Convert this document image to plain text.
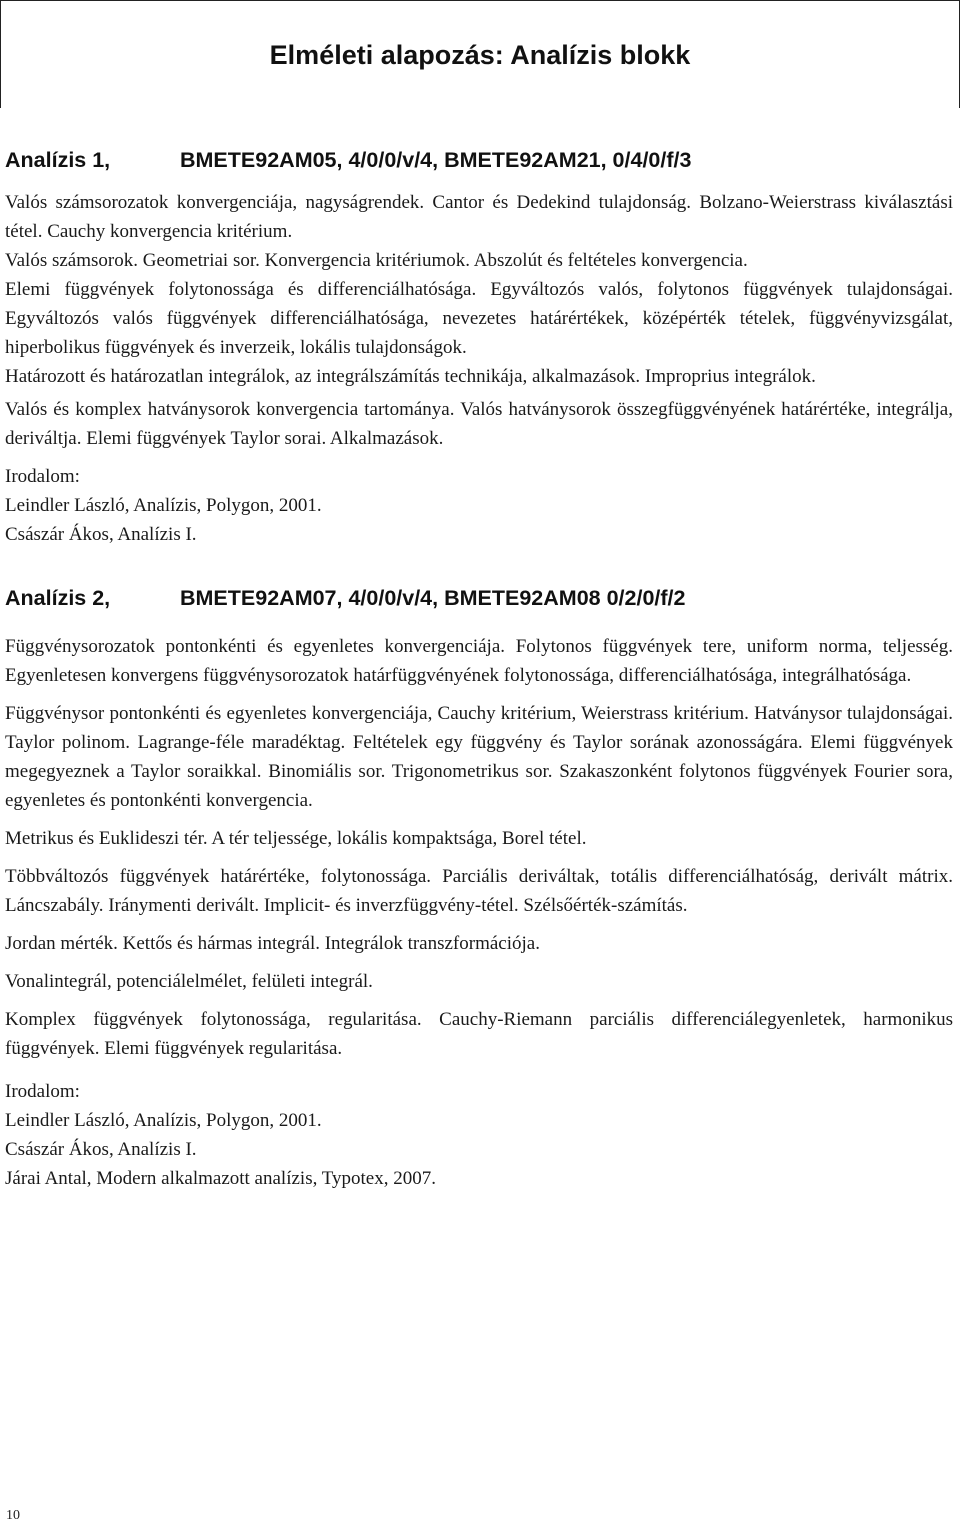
Elméleti alapozás: Analízis blokk
Analízis 1,	BMETE92AM05, 4/0/0/v/4, BMETE92AM21, 0/4/0/f/3

Valós számsorozatok konvergenciája, nagyságrendek. Cantor és Dedekind tulajdonság. Bolzano-Weierstrass kiválasztási tétel. Cauchy konvergencia kritérium.

Valós számsorok. Geometriai sor. Konvergencia kritériumok. Abszolút és feltételes konvergencia.

Elemi függvények folytonossága és differenciálhatósága. Egyváltozós valós, folytonos függvények tulajdonságai. Egyváltozós valós függvények differenciálhatósága, nevezetes határértékek, középérték tételek, függvényvizsgálat, hiperbolikus függvények és inverzeik, lokális tulajdonságok.

Határozott és határozatlan integrálok, az integrálszámítás technikája, alkalmazások. Improprius integrálok.

Valós és komplex hatványsorok konvergencia tartománya. Valós hatványsorok összegfüggvényének határértéke, integrálja, deriváltja. Elemi függvények Taylor sorai. Alkalmazások.

Irodalom:

Leindler László, Analízis, Polygon, 2001.

Császár Ákos, Analízis I.

Analízis 2,	BMETE92AM07, 4/0/0/v/4, BMETE92AM08 0/2/0/f/2

Függvénysorozatok pontonkénti és egyenletes konvergenciája. Folytonos függvények tere, uniform norma, teljesség. Egyenletesen konvergens függvénysorozatok határfüggvényének folytonossága, differenciálhatósága, integrálhatósága.

Függvénysor pontonkénti és egyenletes konvergenciája, Cauchy kritérium, Weierstrass kritérium. Hatványsor tulajdonságai. Taylor polinom. Lagrange-féle maradéktag. Feltételek egy függvény és Taylor sorának azonosságára. Elemi függvények megegyeznek a Taylor soraikkal. Binomiális sor. Trigonometrikus sor. Szakaszonként folytonos függvények Fourier sora, egyenletes és pontonkénti konvergencia.

Metrikus és Euklideszi tér. A tér teljessége, lokális kompaktsága, Borel tétel.

Többváltozós függvények határértéke, folytonossága. Parciális deriváltak, totális differenciálhatóság, derivált mátrix. Láncszabály. Iránymenti derivált. Implicit- és inverzfüggvény-tétel. Szélsőérték-számítás.

Jordan mérték. Kettős és hármas integrál. Integrálok transzformációja.

Vonalintegrál, potenciálelmélet, felületi integrál.

Komplex függvények folytonossága, regularitása. Cauchy-Riemann parciális differenciálegyenletek, harmonikus függvények. Elemi függvények regularitása.

Irodalom:

Leindler László, Analízis, Polygon, 2001.

Császár Ákos, Analízis I.

Járai Antal, Modern alkalmazott analízis, Typotex, 2007.

10
